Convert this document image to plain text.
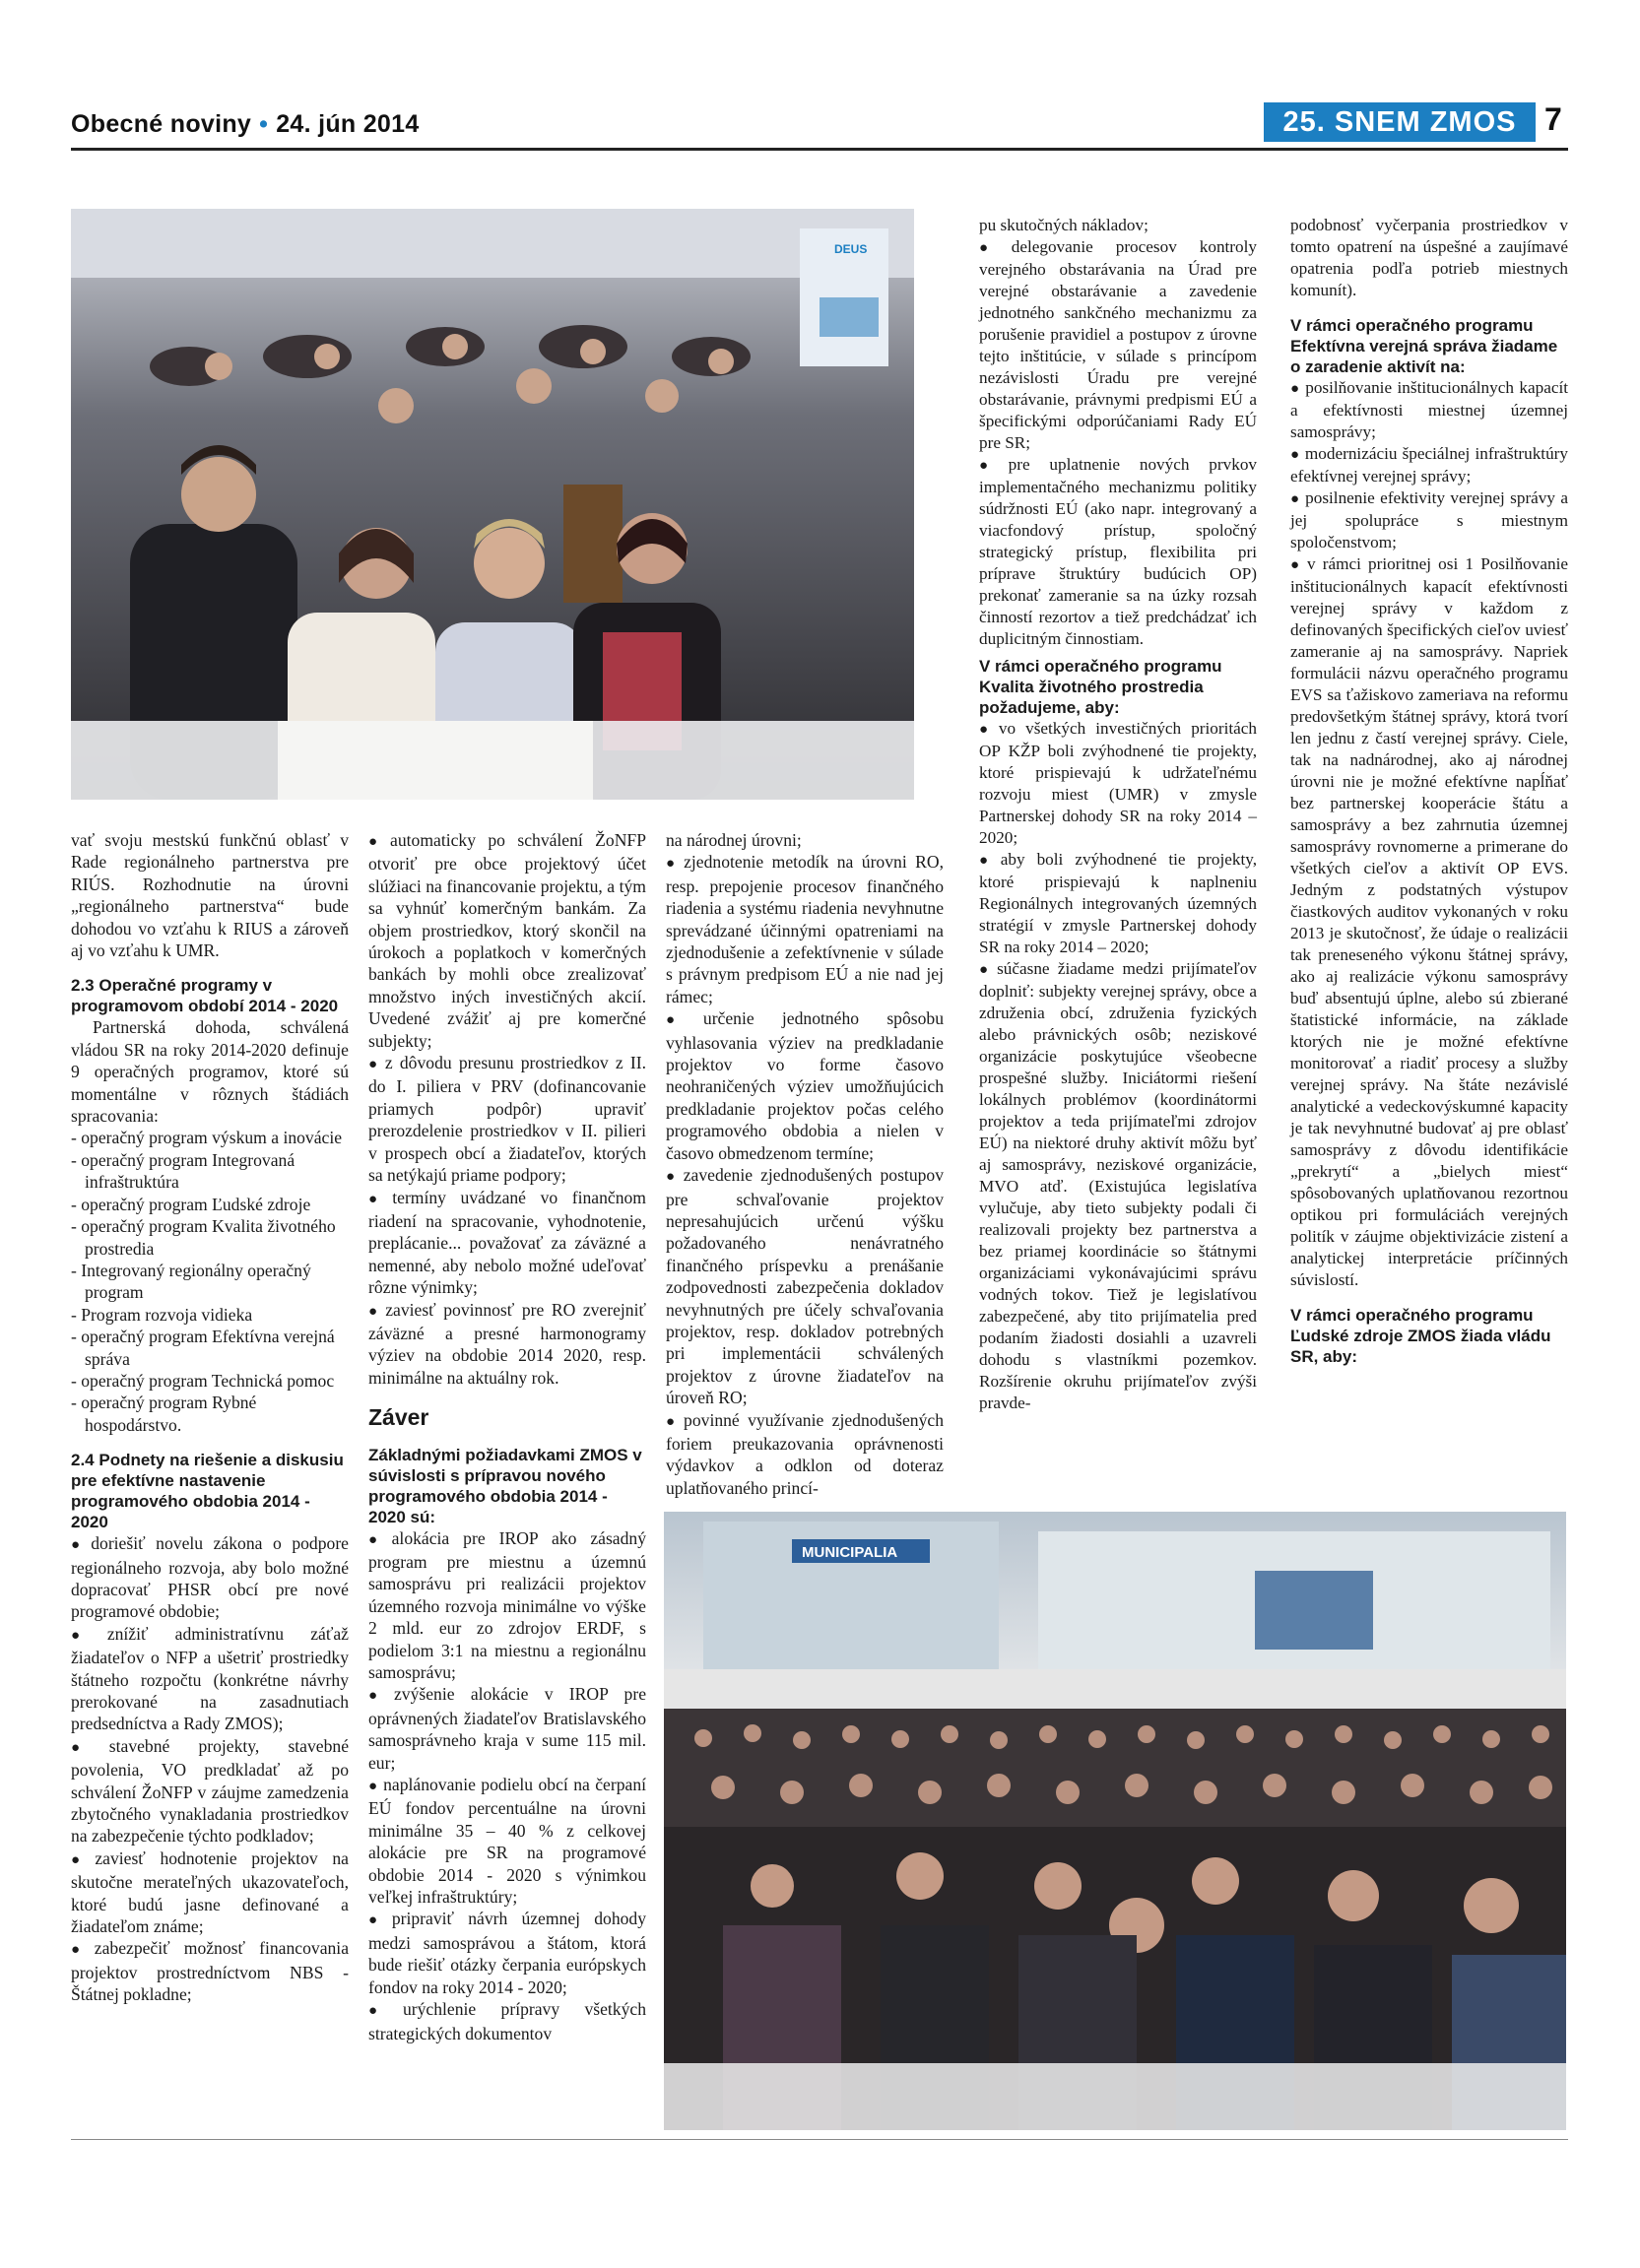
Obecné noviny • 24. jún 2014	25. SNEM ZMOS 7
DEUS
MUNICIPALIA

vať svoju mestskú funkčnú oblasť v Rade regionálneho partnerstva pre RIÚS. Rozhodnutie na úrovni „regionálneho partnerstva“ bude dohodou vo vzťahu k RIUS a zároveň aj vo vzťahu k UMR.

2.3 Operačné programy v programovom období 2014 - 2020

Partnerská dohoda, schválená vládou SR na roky 2014-2020 definuje 9 operačných programov, ktoré sú momentálne v rôznych štádiách spracovania:

- operačný program výskum a inovácie
- operačný program Integrovaná infraštruktúra
- operačný program Ľudské zdroje
- operačný program Kvalita životného prostredia
- Integrovaný regionálny operačný program
- Program rozvoja vidieka
- operačný program Efektívna verejná správa
- operačný program Technická pomoc
- operačný program Rybné hospodárstvo.
2.4 Podnety na riešenie a diskusiu pre efektívne nastavenie programového obdobia 2014 - 2020

● doriešiť novelu zákona o podpore regionálneho rozvoja, aby bolo možné dopracovať PHSR obcí pre nové programové obdobie;

● znížiť administratívnu záťaž žiadateľov o NFP a ušetriť prostriedky štátneho rozpočtu (konkrétne návrhy prerokované na zasadnutiach predsedníctva a Rady ZMOS);

● stavebné projekty, stavebné povolenia, VO predkladať až po schválení ŽoNFP v záujme zamedzenia zbytočného vynakladania prostriedkov na zabezpečenie týchto podkladov;

● zaviesť hodnotenie projektov na skutočne merateľných ukazovateľoch, ktoré budú jasne definované a žiadateľom známe;

● zabezpečiť možnosť financovania projektov prostredníctvom NBS - Štátnej pokladne;

● automaticky po schválení ŽoNFP otvoriť pre obce projektový účet slúžiaci na financovanie projektu, a tým sa vyhnúť komerčným bankám. Za objem prostriedkov, ktorý skončil na úrokoch a poplatkoch v komerčných bankách by mohli obce zrealizovať množstvo iných investičných akcií. Uvedené zvážiť aj pre komerčné subjekty;

● z dôvodu presunu prostriedkov z II. do I. piliera v PRV (dofinancovanie priamych podpôr) upraviť prerozdelenie prostriedkov v II. pilieri v prospech obcí a žiadateľov, ktorých sa netýkajú priame podpory;

● termíny uvádzané vo finančnom riadení na spracovanie, vyhodnotenie, preplácanie... považovať za záväzné a nemenné, aby nebolo možné udeľovať rôzne výnimky;

● zaviesť povinnosť pre RO zverejniť záväzné a presné harmonogramy výziev na obdobie 2014 2020, resp. minimálne na aktuálny rok.

Záver
Základnými požiadavkami ZMOS v súvislosti s prípravou nového programového obdobia 2014 - 2020 sú:

● alokácia pre IROP ako zásadný program pre miestnu a územnú samosprávu pri realizácii projektov územného rozvoja minimálne vo výške 2 mld. eur zo zdrojov ERDF, s podielom 3:1 na miestnu a regionálnu samosprávu;

● zvýšenie alokácie v IROP pre oprávnených žiadateľov Bratislavského samosprávneho kraja v sume 115 mil. eur;

● naplánovanie podielu obcí na čerpaní EÚ fondov percentuálne na úrovni minimálne 35 – 40 % z celkovej alokácie pre SR na programové obdobie 2014 - 2020 s výnimkou veľkej infraštruktúry;

● pripraviť návrh územnej dohody medzi samosprávou a štátom, ktorá bude riešiť otázky čerpania európskych fondov na roky 2014 - 2020;

● urýchlenie prípravy všetkých strategických dokumentov

na národnej úrovni;

● zjednotenie metodík na úrovni RO, resp. prepojenie procesov finančného riadenia a systému riadenia nevyhnutne sprevádzané účinnými opatreniami na zjednodušenie a zefektívnenie v súlade s právnym predpisom EÚ a nie nad jej rámec;

● určenie jednotného spôsobu vyhlasovania výziev na predkladanie projektov vo forme časovo neohraničených výziev umožňujúcich predkladanie projektov počas celého programového obdobia a nielen v časovo obmedzenom termíne;

● zavedenie zjednodušených postupov pre schvaľovanie projektov nepresahujúcich určenú výšku požadovaného nenávratného finančného príspevku a prenášanie zodpovednosti zabezpečenia dokladov nevyhnutných pre účely schvaľovania projektov, resp. dokladov potrebných pri implementácii schválených projektov z úrovne žiadateľov na úroveň RO;

● povinné využívanie zjednodušených foriem preukazovania oprávnenosti výdavkov a odklon od doteraz uplatňovaného princí-

pu skutočných nákladov;

● delegovanie procesov kontroly verejného obstarávania na Úrad pre verejné obstarávanie a zavedenie jednotného sankčného mechanizmu za porušenie pravidiel a postupov z úrovne tejto inštitúcie, v súlade s princípom nezávislosti Úradu pre verejné obstarávanie, právnymi predpismi EÚ a špecifickými odporúčaniami Rady EÚ pre SR;

● pre uplatnenie nových prvkov implementačného mechanizmu politiky súdržnosti EÚ (ako napr. integrovaný a viacfondový prístup, spoločný strategický prístup, flexibilita pri príprave štruktúry budúcich OP) prekonať zameranie sa na úzky rozsah činností rezortov a tiež predchádzať ich duplicitným činnostiam.

V rámci operačného programu Kvalita životného prostredia požadujeme, aby:

● vo všetkých investičných prioritách OP KŽP boli zvýhodnené tie projekty, ktoré prispievajú k udržateľnému rozvoju miest (UMR) v zmysle Partnerskej dohody SR na roky 2014 – 2020;

● aby boli zvýhodnené tie projekty, ktoré prispievajú k naplneniu Regionálnych integrovaných územných stratégií v zmysle Partnerskej dohody SR na roky 2014 – 2020;

● súčasne žiadame medzi prijímateľov doplniť: subjekty verejnej správy, obce a združenia obcí, združenia fyzických alebo právnických osôb; neziskové organizácie poskytujúce všeobecne prospešné služby. Iniciátormi riešení lokálnych problémov (koordinátormi projektov a teda prijímateľmi zdrojov EÚ) na niektoré druhy aktivít môžu byť aj samosprávy, neziskové organizácie, MVO atď. (Existujúca legislatíva vylučuje, aby tieto subjekty podali či realizovali projekty bez partnerstva a bez priamej koordinácie so štátnymi organizáciami vykonávajúcimi správu vodných tokov. Tiež je legislatívou zabezpečené, aby tito prijímatelia pred podaním žiadosti dosiahli a uzavreli dohodu s vlastníkmi pozemkov. Rozšírenie okruhu prijímateľov zvýši pravde-

podobnosť vyčerpania prostriedkov v tomto opatrení na úspešné a zaujímavé opatrenia podľa potrieb miestnych komunít).

V rámci operačného programu Efektívna verejná správa žiadame o zaradenie aktivít na:

● posilňovanie inštitucionálnych kapacít a efektívnosti miestnej územnej samosprávy;

● modernizáciu špeciálnej infraštruktúry efektívnej verejnej správy;

● posilnenie efektivity verejnej správy a jej spolupráce s miestnym spoločenstvom;

● v rámci prioritnej osi 1 Posilňovanie inštitucionálnych kapacít efektívnosti verejnej správy v každom z definovaných špecifických cieľov uviesť zameranie aj na samosprávy. Napriek formulácii názvu operačného programu EVS sa ťažiskovo zameriava na reformu predovšetkým štátnej správy, ktorá tvorí len jednu z častí verejnej správy. Ciele, tak na nadnárodnej, ako aj národnej úrovni nie je možné efektívne napĺňať bez partnerskej kooperácie štátu a samosprávy a bez zahrnutia územnej samosprávy rovnomerne a primerane do všetkých cieľov a aktivít OP EVS. Jedným z podstatných výstupov čiastkových auditov vykonaných v roku 2013 je skutočnosť, že údaje o realizácii tak preneseného výkonu štátnej správy, ako aj realizácie výkonu samosprávy buď absentujú úplne, alebo sú zbierané štatistické informácie, na základe ktorých nie je možné efektívne monitorovať a riadiť procesy a služby verejnej správy. Na štáte nezávislé analytické a vedeckovýskumné kapacity je tak nevyhnutné budovať aj pre oblasť samosprávy z dôvodu identifikácie „prekrytí“ a „bielych miest“ spôsobovaných uplatňovanou rezortnou optikou pri formuláciách verejných politík v záujme objektivizácie zistení a analytickej interpretácie príčinných súvislostí.

V rámci operačného programu Ľudské zdroje ZMOS žiada vládu SR, aby:
